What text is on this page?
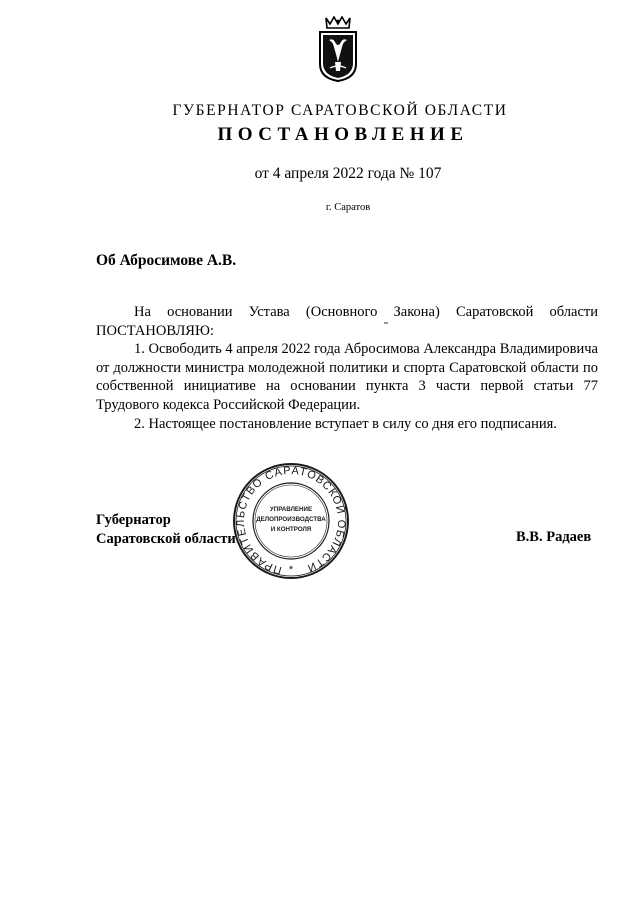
ГУБЕРНАТОР САРАТОВСКОЙ ОБЛАСТИ
ПОСТАНОВЛЕНИЕ
от 4 апреля 2022 года № 107
г. Саратов
Об Абросимове А.В.

На основании Устава (Основного Закона) Саратовской области

ПОСТАНОВЛЯЮ:

1. Освободить 4 апреля 2022 года Абросимова Александра Владимировича от должности министра молодежной политики и спорта Саратовской области по собственной инициативе на основании пункта 3 части первой статьи 77 Трудового кодекса Российской Федерации.

2. Настоящее постановление вступает в силу со дня его подписания.

Губернатор
Саратовской области
ПРАВИТЕЛЬСТВО САРАТОВСКОЙ ОБЛАСТИ
УПРАВЛЕНИЕ
ДЕЛОПРОИЗВОДСТВА
И КОНТРОЛЯ
*
В.В. Радаев
